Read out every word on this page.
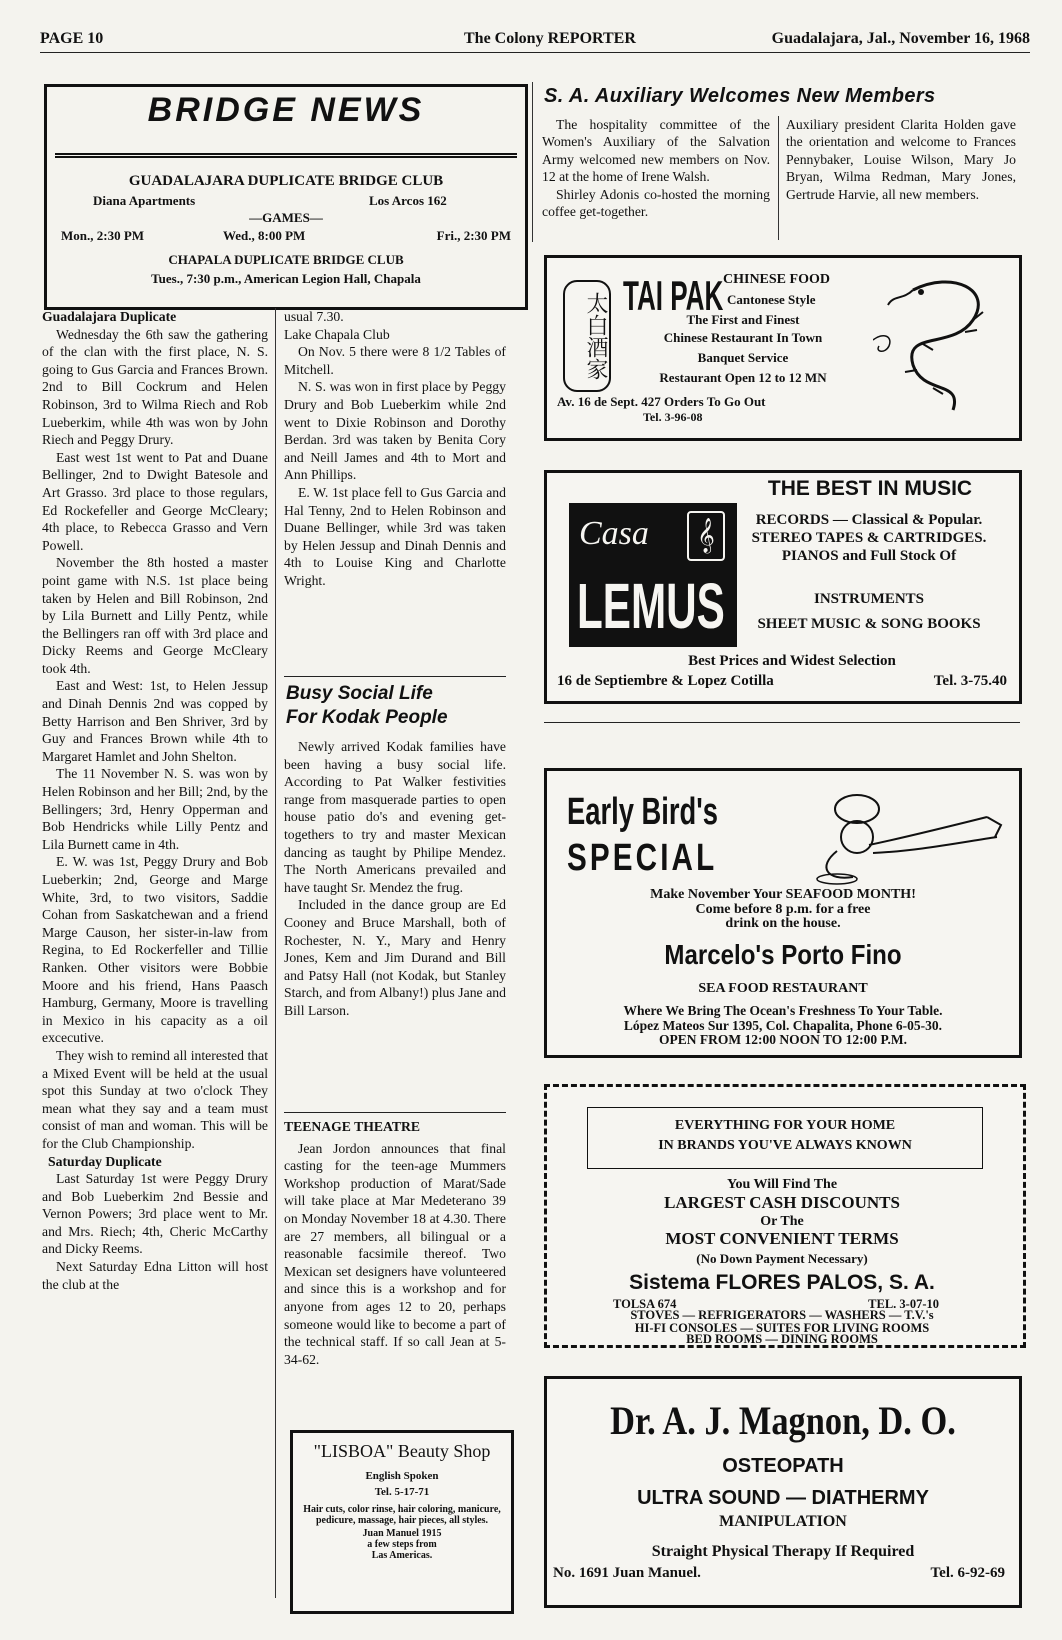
PAGE 10	The Colony REPORTER	Guadalajara, Jal., November 16, 1968
BRIDGE NEWS
GUADALAJARA DUPLICATE BRIDGE CLUB
Diana Apartments	Los Arcos 162
—GAMES—
Mon., 2:30 PM	Wed., 8:00 PM	Fri., 2:30 PM
CHAPALA DUPLICATE BRIDGE CLUB
Tues., 7:30 p.m., American Legion Hall, Chapala

Guadalajara Duplicate

Wednesday the 6th saw the gathering of the clan with the first place, N. S. going to Gus Garcia and Frances Brown. 2nd to Bill Cockrum and Helen Robinson, 3rd to Wilma Riech and Rob Lueberkim, while 4th was won by John Riech and Peggy Drury.

East west 1st went to Pat and Duane Bellinger, 2nd to Dwight Batesole and Art Grasso. 3rd place to those regulars, Ed Rockefeller and George McCleary; 4th place, to Rebecca Grasso and Vern Powell.

November the 8th hosted a master point game with N.S. 1st place being taken by Helen and Bill Robinson, 2nd by Lila Burnett and Lilly Pentz, while the Bellingers ran off with 3rd place and Dicky Reems and George McCleary took 4th.

East and West: 1st, to Helen Jessup and Dinah Dennis 2nd was copped by Betty Harrison and Ben Shriver, 3rd by Guy and Frances Brown while 4th to Margaret Hamlet and John Shelton.

The 11 November N. S. was won by Helen Robinson and her Bill; 2nd, by the Bellingers; 3rd, Henry Opperman and Bob Hendricks while Lilly Pentz and Lila Burnett came in 4th.

E. W. was 1st, Peggy Drury and Bob Lueberkin; 2nd, George and Marge White, 3rd, to two visitors, Saddie Cohan from Saskatchewan and a friend Marge Causon, her sister-in-law from Regina, to Ed Rockerfeller and Tillie Ranken. Other visitors were Bobbie Moore and his friend, Hans Paasch Hamburg, Germany, Moore is travelling in Mexico in his capacity as a oil excecutive.

They wish to remind all interested that a Mixed Event will be held at the usual spot this Sunday at two o'clock They mean what they say and a team must consist of man and woman. This will be for the Club Championship.

Saturday Duplicate

Last Saturday 1st were Peggy Drury and Bob Lueberkim 2nd Bessie and Vernon Powers; 3rd place went to Mr. and Mrs. Riech; 4th, Cheric McCarthy and Dicky Reems.

Next Saturday Edna Litton will host the club at the

usual 7.30.

Lake Chapala Club

On Nov. 5 there were 8 1/2 Tables of Mitchell.

N. S. was won in first place by Peggy Drury and Bob Lueberkim while 2nd went to Dixie Robinson and Dorothy Berdan. 3rd was taken by Benita Cory and Neill James and 4th to Mort and Ann Phillips.

E. W. 1st place fell to Gus Garcia and Hal Tenny, 2nd to Helen Robinson and Duane Bellinger, while 3rd was taken by Helen Jessup and Dinah Dennis and 4th to Louise King and Charlotte Wright.

Busy Social Life
For Kodak People

Newly arrived Kodak families have been having a busy social life. According to Pat Walker festivities range from masquerade parties to open house patio do's and evening get-togethers to try and master Mexican dancing as taught by Philipe Mendez. The North Americans prevailed and have taught Sr. Mendez the frug.

Included in the dance group are Ed Cooney and Bruce Marshall, both of Rochester, N. Y., Mary and Henry Jones, Kem and Jim Durand and Bill and Patsy Hall (not Kodak, but Stanley Starch, and from Albany!) plus Jane and Bill Larson.

TEENAGE THEATRE

Jean Jordon announces that final casting for the teen-age Mummers Workshop production of Marat/Sade will take place at Mar Medeterano 39 on Monday November 18 at 4.30. There are 27 members, all bilingual or a reasonable facsimile thereof. Two Mexican set designers have volunteered and since this is a workshop and for anyone from ages 12 to 20, perhaps someone would like to become a part of the technical staff. If so call Jean at 5-34-62.

"LISBOA" Beauty Shop
English Spoken
Tel. 5-17-71
Hair cuts, color rinse, hair coloring, manicure, pedicure, massage, hair pieces, all styles.
Juan Manuel 1915
a few steps from
Las Americas.
S. A. Auxiliary Welcomes New Members

The hospitality committee of the Women's Auxiliary of the Salvation Army welcomed new members on Nov. 12 at the home of Irene Walsh.

Shirley Adonis co-hosted the morning coffee get-together.

Auxiliary president Clarita Holden gave the orientation and welcome to Frances Pennybaker, Louise Wilson, Mary Jo Bryan, Wilma Redman, Mary Jones, Gertrude Harvie, all new members.

太白酒家 TAI PAK CHINESE FOOD
Cantonese Style
The First and Finest
Chinese Restaurant In Town
Banquet Service
Restaurant Open 12 to 12 MN
Av. 16 de Sept. 427 Orders To Go Out
Tel. 3-96-08
Casa	𝄞
LEMUS
THE BEST IN MUSIC
RECORDS — Classical & Popular. STEREO TAPES & CARTRIDGES. PIANOS and Full Stock Of
INSTRUMENTS
SHEET MUSIC & SONG BOOKS
Best Prices and Widest Selection
16 de Septiembre & Lopez Cotilla	Tel. 3-75.40
Early Bird's
SPECIAL
Make November Your SEAFOOD MONTH!
Come before 8 p.m. for a free
drink on the house.
Marcelo's Porto Fino
SEA FOOD RESTAURANT
Where We Bring The Ocean's Freshness To Your Table.
López Mateos Sur 1395, Col. Chapalita, Phone 6-05-30.
OPEN FROM 12:00 NOON TO 12:00 P.M.
EVERYTHING FOR YOUR HOME
IN BRANDS YOU'VE ALWAYS KNOWN
You Will Find The
LARGEST CASH DISCOUNTS
Or The
MOST CONVENIENT TERMS
(No Down Payment Necessary)
Sistema FLORES PALOS, S. A.
TOLSA 674	TEL. 3-07-10
STOVES — REFRIGERATORS — WASHERS — T.V.'s
HI-FI CONSOLES — SUITES FOR LIVING ROOMS
BED ROOMS — DINING ROOMS
Dr. A. J. Magnon, D. O.
OSTEOPATH
ULTRA SOUND — DIATHERMY
MANIPULATION
Straight Physical Therapy If Required
No. 1691 Juan Manuel.	Tel. 6-92-69
